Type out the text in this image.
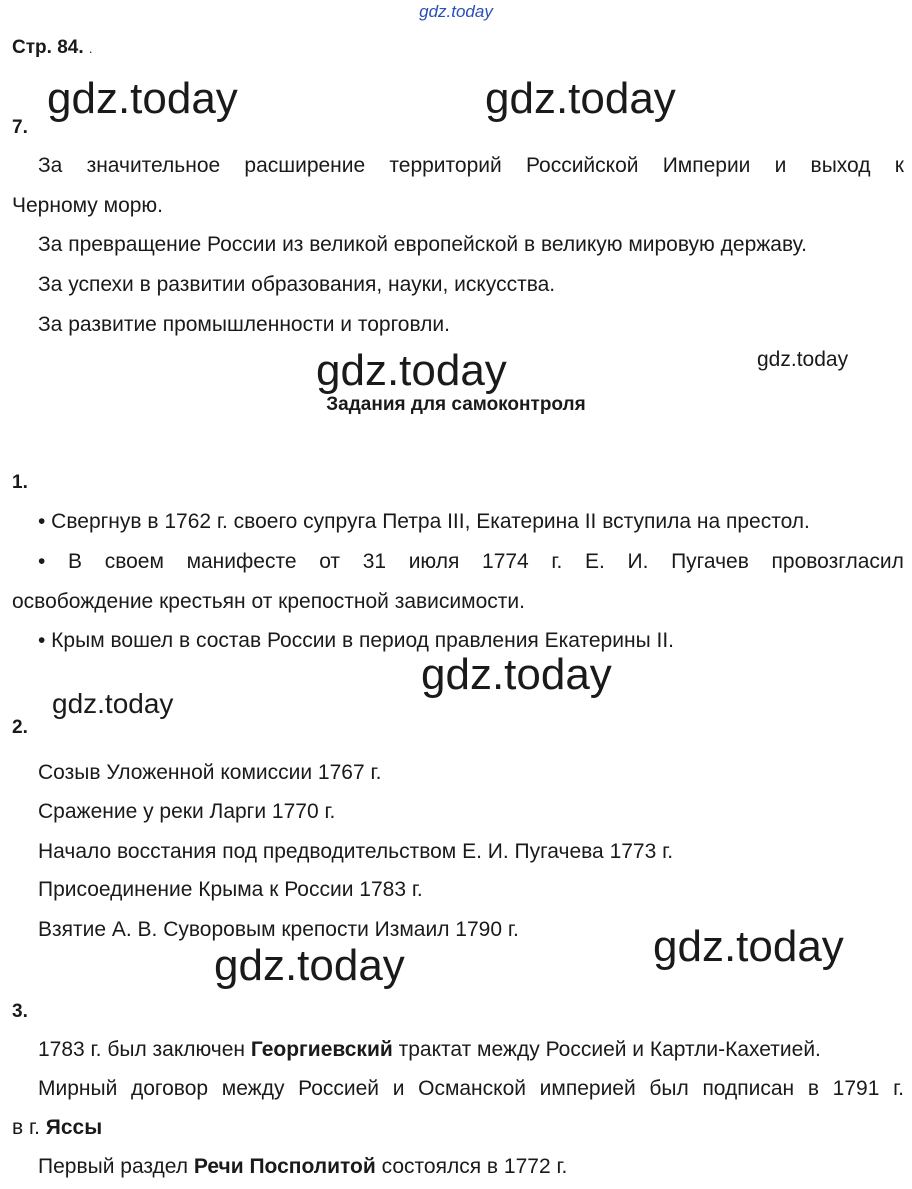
gdz.today
Стр. 84. .
gdz.today	gdz.today
gdz.today	gdz.today
gdz.today
gdz.today
gdz.today
gdz.today
7.
За значительное расширение территорий Российской Империи и выход к
Черному морю.
За превращение России из великой европейской в великую мировую державу.
За успехи в развитии образования, науки, искусства.
За развитие промышленности и торговли.
Задания для самоконтроля
1.
• Свергнув в 1762 г. своего супруга Петра III, Екатерина II вступила на престол.
• В своем манифесте от 31 июля 1774 г. Е. И. Пугачев провозгласил
освобождение крестьян от крепостной зависимости.
• Крым вошел в состав России в период правления Екатерины II.
2.
Созыв Уложенной комиссии 1767 г.
Сражение у реки Ларги 1770 г.
Начало восстания под предводительством Е. И. Пугачева 1773 г.
Присоединение Крыма к России 1783 г.
Взятие А. В. Суворовым крепости Измаил 1790 г.
3.
1783 г. был заключен Георгиевский трактат между Россией и Картли-Кахетией.
Мирный договор между Россией и Османской империей был подписан в 1791 г.
в г. Яссы
Первый раздел Речи Посполитой состоялся в 1772 г.
